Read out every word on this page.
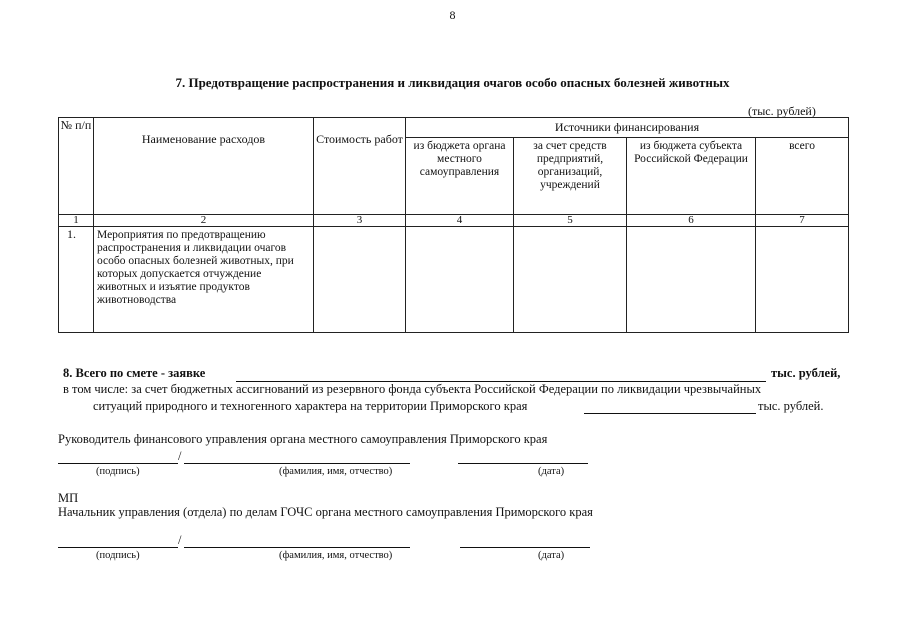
8
7. Предотвращение распространения и ликвидация очагов особо опасных болезней животных
(тыс. рублей)
№ п/п	Наименование расходов	Стоимость работ	Источники финансирования			
			из бюджета органа местного самоуправления	за счет средств предприятий, организаций, учреждений	из бюджета субъекта Российской Федерации	всего
1	2	3	4	5	6	7
1.	Мероприятия по предотвращению распространения и ликвидации очагов особо опасных болезней животных, при которых допускается отчуждение животных и изъятие продуктов животноводства					
8. Всего по смете - заявке	тыс. рублей,
в том числе: за счет бюджетных ассигнований из резервного фонда субъекта Российской Федерации по ликвидации чрезвычайных
ситуаций природного и техногенного характера на территории Приморского края	тыс. рублей.
Руководитель финансового управления органа местного самоуправления Приморского края
/
(подпись)	(фамилия, имя, отчество)	(дата)
МП
Начальник управления (отдела) по делам ГОЧС органа местного самоуправления Приморского края
/
(подпись)	(фамилия, имя, отчество)	(дата)
